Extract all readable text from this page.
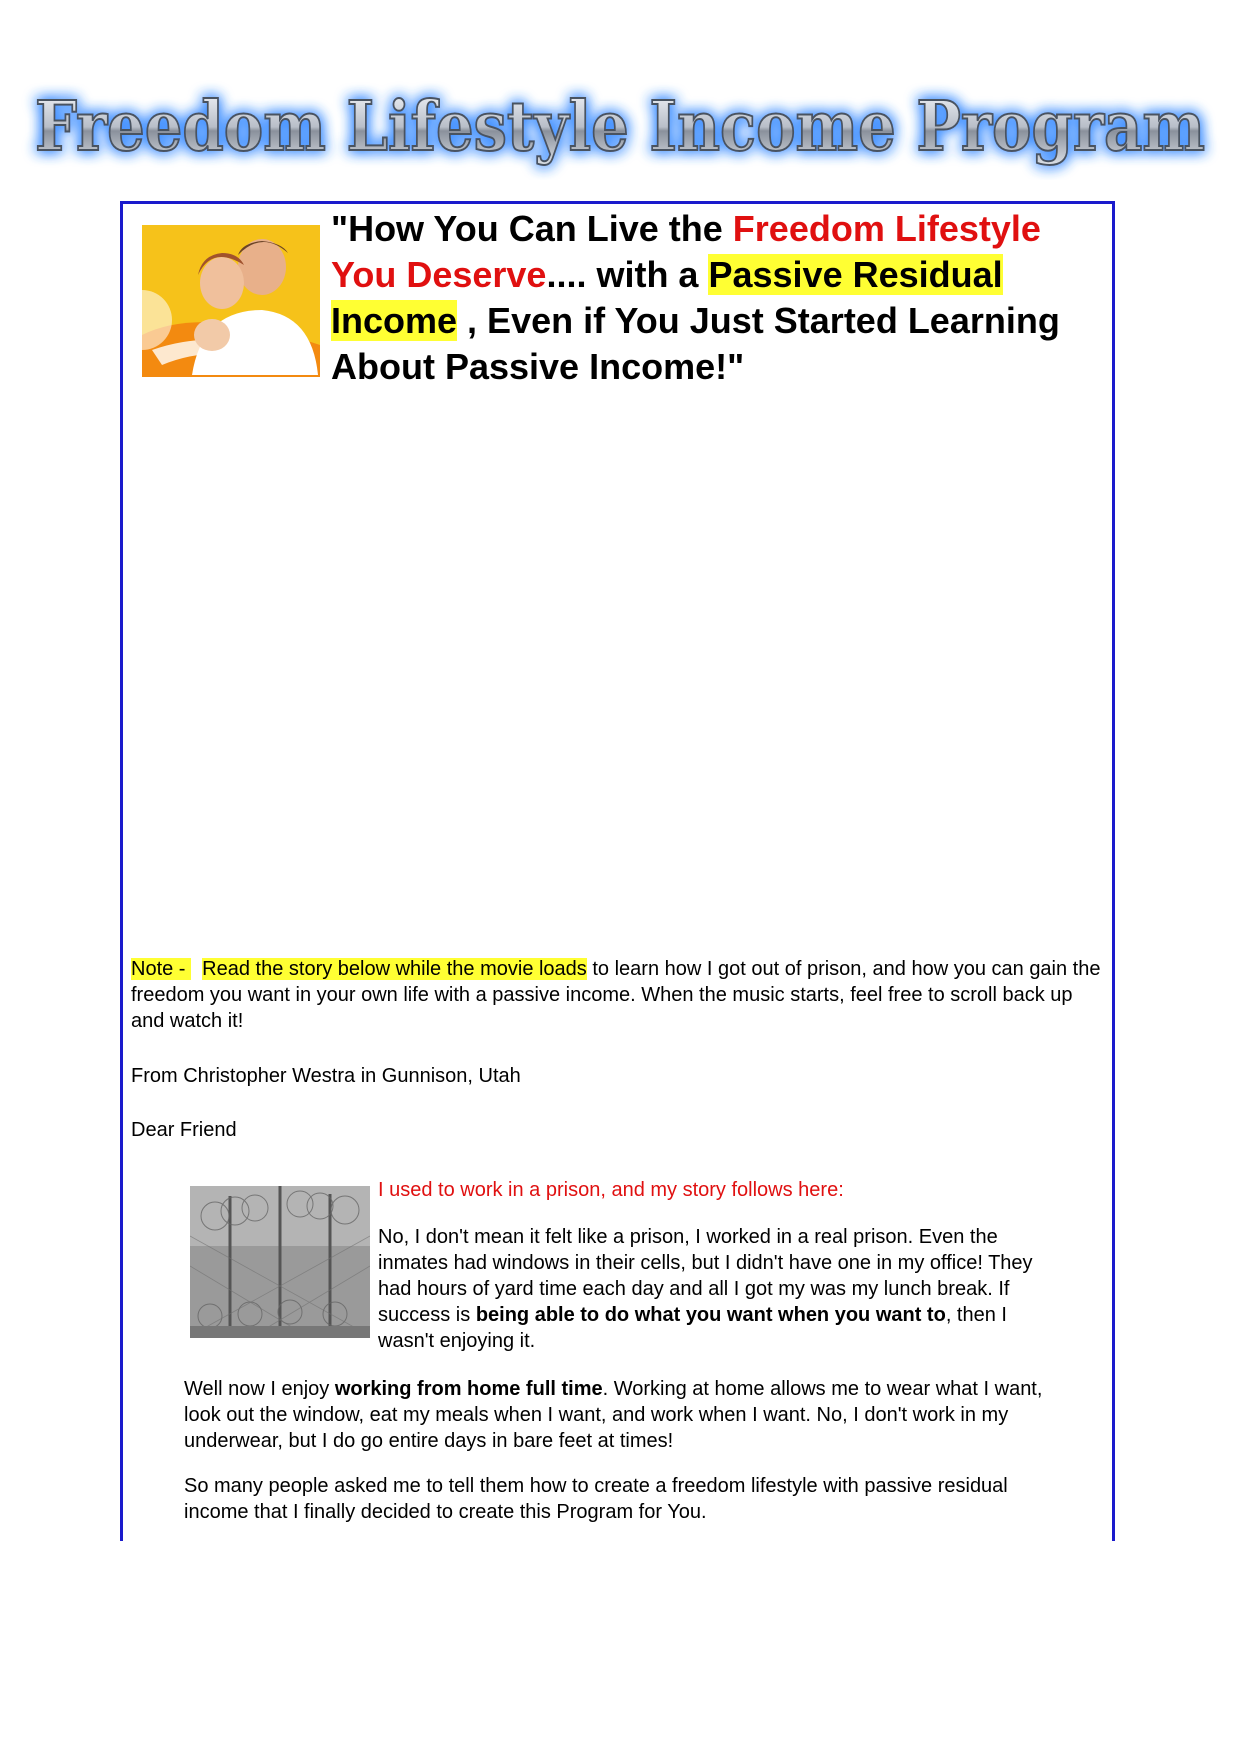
Freedom Lifestyle Income Program

"How You Can Live the Freedom Lifestyle You Deserve.... with a Passive Residual Income , Even if You Just Started Learning About Passive Income!"

Note -   Read the story below while the movie loads to learn how I got out of prison, and how you can gain the freedom you want in your own life with a passive income. When the music starts, feel free to scroll back up and watch it!

From Christopher Westra in Gunnison, Utah

Dear Friend

I used to work in a prison, and my story follows here:

No, I don't mean it felt like a prison, I worked in a real prison. Even the inmates had windows in their cells, but I didn't have one in my office! They had hours of yard time each day and all I got my was my lunch break. If success is being able to do what you want when you want to, then I wasn't enjoying it.

Well now I enjoy working from home full time. Working at home allows me to wear what I want, look out the window, eat my meals when I want, and work when I want. No, I don't work in my underwear, but I do go entire days in bare feet at times!

So many people asked me to tell them how to create a freedom lifestyle with passive residual income that I finally decided to create this Program for You.
